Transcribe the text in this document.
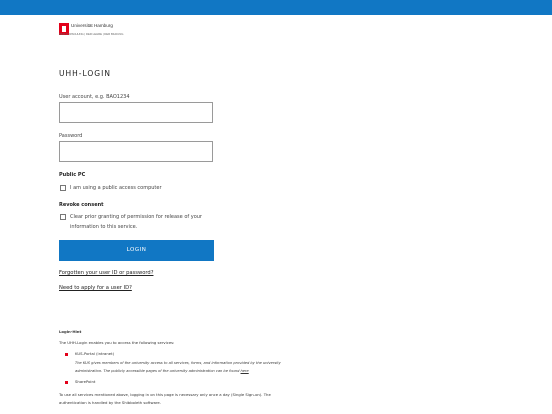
Universität Hamburg
DER FORSCHUNG | DER LEHRE | DER BILDUNG
UHH-LOGIN
User account, e.g. BAO1234
Password
Public PC
I am using a public access computer
Revoke consent
Clear prior granting of permission for release of your information to this service.
LOGIN
Forgotten your user ID or password?
Need to apply for a user ID?
Login-Hint
The UHH-Login enables you to access the following services:
KUS-Portal (intranet)
The KUS gives members of the university access to all services, forms, and information provided by the university
administration. The publicly accessible pages of the university administration can be found here
SharePoint
To use all services mentioned above, logging in on this page is necessary only once a day (Single Sign-on). The
authentication is handled by the Shibboleth software.
